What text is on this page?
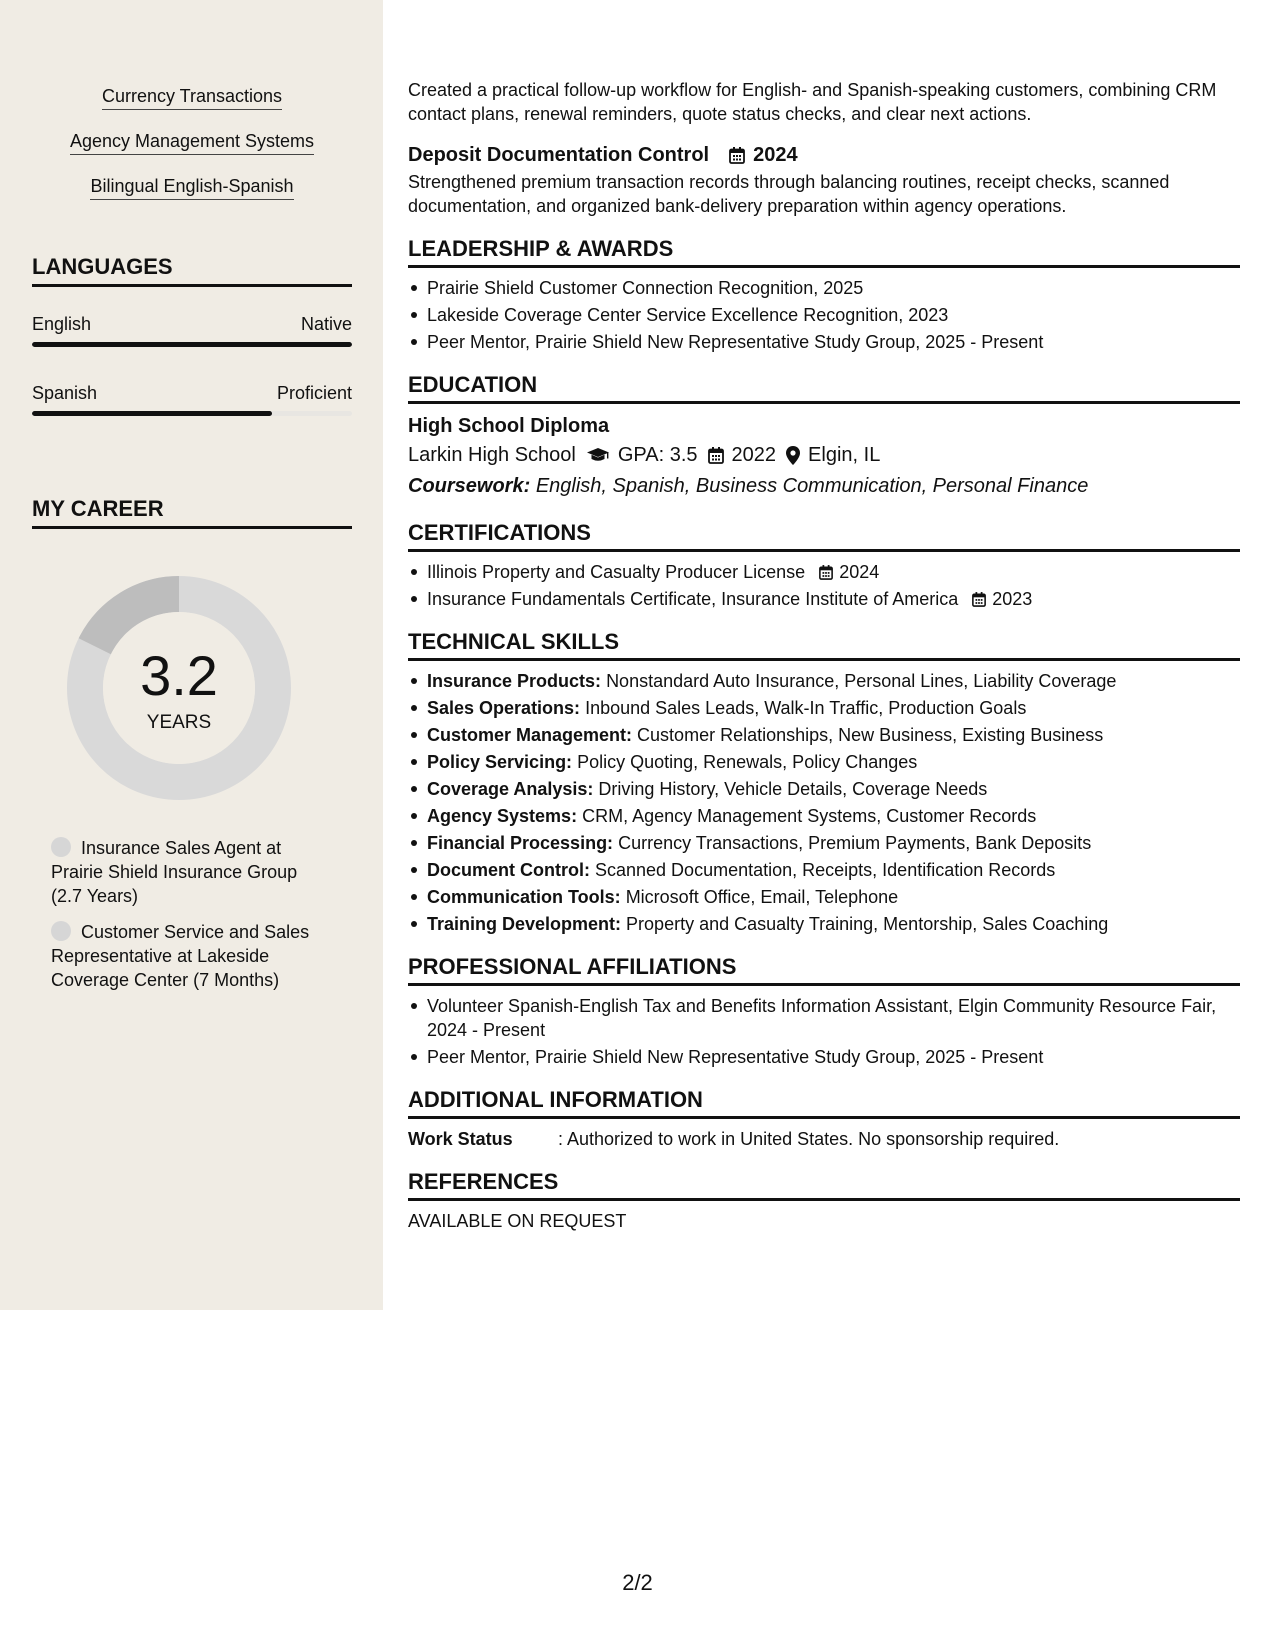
Currency Transactions
Agency Management Systems
Bilingual English-Spanish
LANGUAGES
English	Native
Spanish	Proficient
MY CAREER
3.2
YEARS
Insurance Sales Agent at Prairie Shield Insurance Group (2.7 Years)
Customer Service and Sales Representative at Lakeside Coverage Center (7 Months)
Created a practical follow-up workflow for English- and Spanish-speaking customers, combining CRM contact plans, renewal reminders, quote status checks, and clear next actions.
Deposit Documentation Control 2024
Strengthened premium transaction records through balancing routines, receipt checks, scanned documentation, and organized bank-delivery preparation within agency operations.
LEADERSHIP & AWARDS
Prairie Shield Customer Connection Recognition, 2025
Lakeside Coverage Center Service Excellence Recognition, 2023
Peer Mentor, Prairie Shield New Representative Study Group, 2025 - Present
EDUCATION
High School Diploma
Larkin High School GPA: 3.5 2022 Elgin, IL
Coursework: English, Spanish, Business Communication, Personal Finance
CERTIFICATIONS
Illinois Property and Casualty Producer License 2024
Insurance Fundamentals Certificate, Insurance Institute of America 2023
TECHNICAL SKILLS
Insurance Products: Nonstandard Auto Insurance, Personal Lines, Liability Coverage
Sales Operations: Inbound Sales Leads, Walk-In Traffic, Production Goals
Customer Management: Customer Relationships, New Business, Existing Business
Policy Servicing: Policy Quoting, Renewals, Policy Changes
Coverage Analysis: Driving History, Vehicle Details, Coverage Needs
Agency Systems: CRM, Agency Management Systems, Customer Records
Financial Processing: Currency Transactions, Premium Payments, Bank Deposits
Document Control: Scanned Documentation, Receipts, Identification Records
Communication Tools: Microsoft Office, Email, Telephone
Training Development: Property and Casualty Training, Mentorship, Sales Coaching
PROFESSIONAL AFFILIATIONS
Volunteer Spanish-English Tax and Benefits Information Assistant, Elgin Community Resource Fair, 2024 - Present
Peer Mentor, Prairie Shield New Representative Study Group, 2025 - Present
ADDITIONAL INFORMATION
Work Status	: Authorized to work in United States. No sponsorship required.
REFERENCES
AVAILABLE ON REQUEST
2/2
